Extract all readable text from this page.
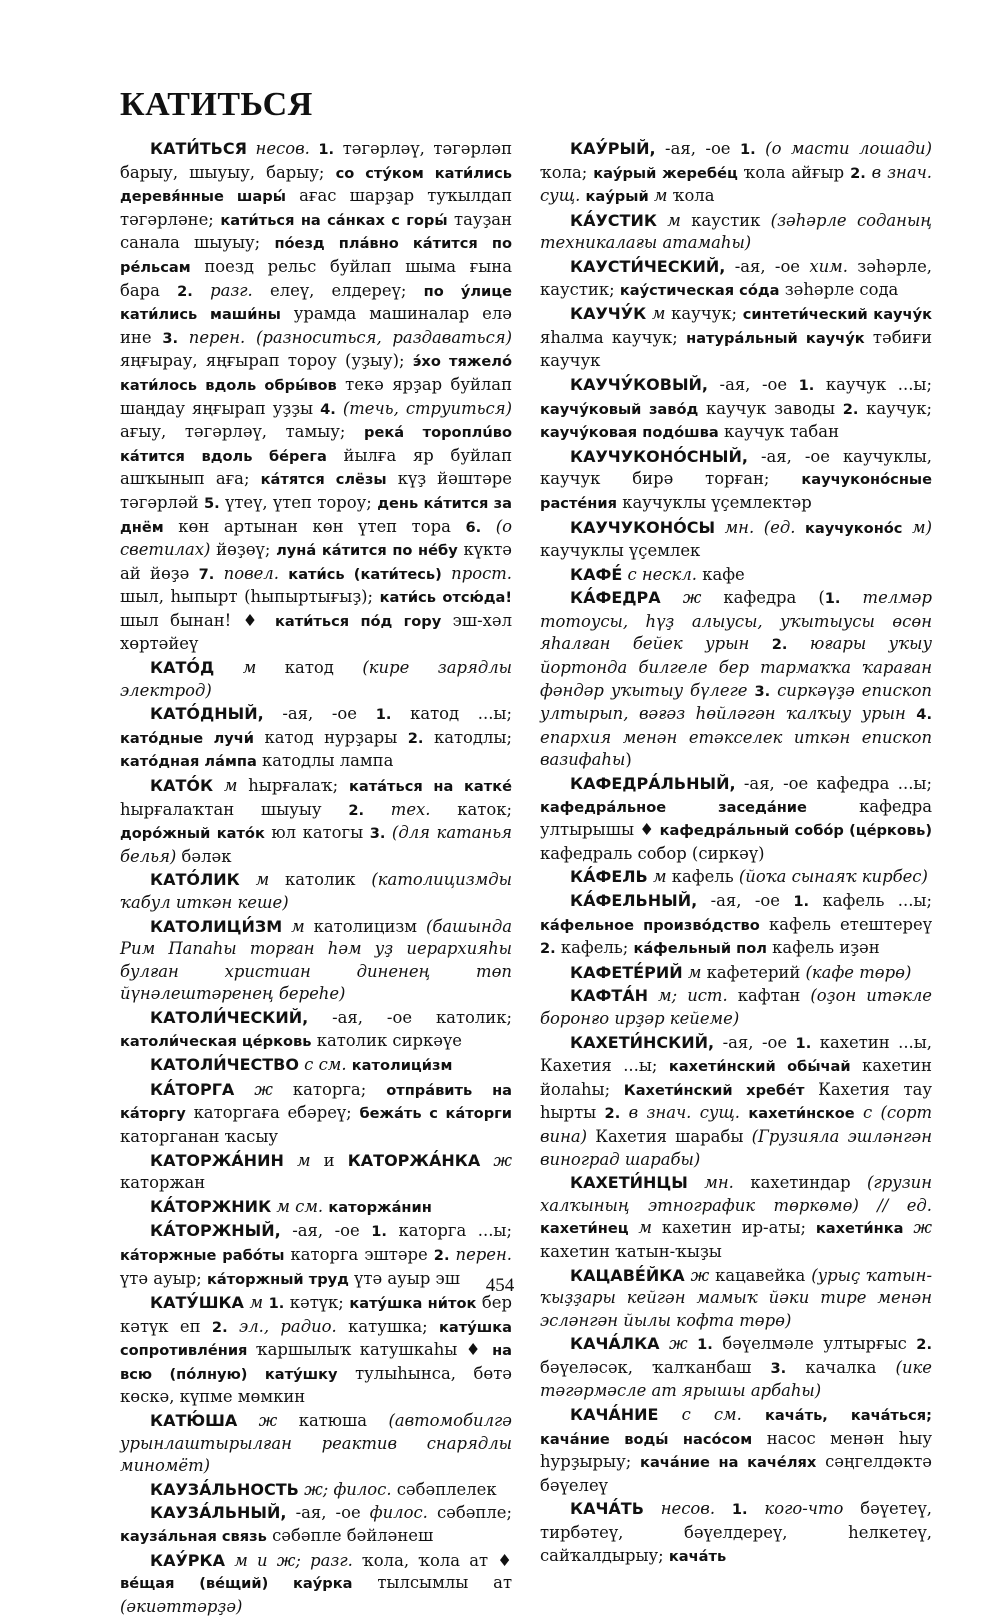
КАТИТЬСЯ

КАТИ́ТЬСЯ несов. 1. тәгәрләү, тәгәрләп барыу, шыуыу, барыу; со сту́ком кати́лись деревя́нные шары́ ағас шарҙар туҡылдап тәгәрләне; кати́ться на са́нках с горы́ тауҙан санала шыуыу; по́езд пла́вно ка́тится по ре́льсам поезд рельс буйлап шыма ғына бара 2. разг. елеү, елдереү; по у́лице кати́лись маши́ны урамда машиналар елә ине 3. перен. (разноситься, раздаваться) яңғырау, яңғырап тороу (уҙыу); э́хо тяжело́ кати́лось вдоль обры́вов текә ярҙар буйлап шаңдау яңғырап уҙҙы 4. (течь, струиться) ағыу, тәгәрләү, тамыу; река́ тороплúво ка́тится вдоль бе́рега йылға яр буйлап ашҡынып аға; ка́тятся слёзы күҙ йәштәре тәгәрләй 5. үтеү, үтеп тороу; день ка́тится за днём көн артынан көн үтеп тора 6. (о светилах) йөҙөү; луна́ ка́тится по не́бу күктә ай йөҙә 7. повел. кати́сь (кати́тесь) прост. шыл, һыпырт (һыпыртығыҙ); кати́сь отсю́да! шыл бынан! ♦ кати́ться по́д гору эш-хәл хөртәйеү

КАТО́Д м катод (кире зарядлы электрод)

КАТО́ДНЫЙ, -ая, -ое 1. катод ...ы; като́дные лучи́ катод нурҙары 2. катодлы; като́дная ла́мпа катодлы лампа

КАТО́К м һырғалаҡ; ката́ться на катке́ һырғалаҡтан шыуыу 2. тех. каток; доро́жный като́к юл катогы 3. (для катанья белья) бәләк

КАТО́ЛИК м католик (католицизмды ҡабул иткән кеше)

КАТОЛИЦИ́ЗМ м католицизм (башында Рим Папаһы торған һәм уҙ иерархияһы булған христиан диненең төп йүнәлештәренең береһе)

КАТОЛИ́ЧЕСКИЙ, -ая, -ое католик; католи́ческая це́рковь католик сиркәүе

КАТОЛИ́ЧЕСТВО с см. католици́зм

КА́ТОРГА ж каторга; отпра́вить на ка́торгу каторгаға ебәреү; бежа́ть с ка́торги каторганан ҡасыу

КАТОРЖА́НИН м и КАТОРЖА́НКА ж каторжан

КА́ТОРЖНИК м см. каторжа́нин

КА́ТОРЖНЫЙ, -ая, -ое 1. каторга ...ы; ка́торжные рабо́ты каторга эштәре 2. перен. үтә ауыр; ка́торжный труд үтә ауыр эш

КАТУ́ШКА м 1. кәтүк; кату́шка ни́ток бер кәтүк еп 2. эл., радио. катушка; кату́шка сопротивле́ния ҡаршылыҡ катушкаһы ♦ на всю (по́лную) кату́шку тулыһынса, бөтә көскә, күпме мөмкин

КАТЮ́ША ж катюша (автомобилгә урынлаштырылған реактив снарядлы миномёт)

КАУЗА́ЛЬНОСТЬ ж; филос. сәбәплелек

КАУЗА́ЛЬНЫЙ, -ая, -ое филос. сәбәпле; кауза́льная связь сәбәпле бәйләнеш

КАУ́РКА м и ж; разг. ҡола, ҡола ат ♦ ве́щая (ве́щий) кау́рка тылсымлы ат (әкиәттәрҙә)

КАУ́РЫЙ, -ая, -ое 1. (о масти лошади) ҡола; кау́рый жеребе́ц ҡола айғыр 2. в знач. сущ. кау́рый м ҡола

КА́УСТИК м каустик (зәһәрле соданың техникалағы атамаһы)

КАУСТИ́ЧЕСКИЙ, -ая, -ое хим. зәһәрле, каустик; кау́стическая со́да зәһәрле сода

КАУЧУ́К м каучук; синтети́ческий каучу́к яһалма каучук; натура́льный каучу́к тәбиғи каучук

КАУЧУ́КОВЫЙ, -ая, -ое 1. каучук ...ы; каучу́ковый заво́д каучук заводы 2. каучук; каучу́ковая подо́шва каучук табан

КАУЧУКОНО́СНЫЙ, -ая, -ое каучуклы, каучук бирә торған; каучуконо́сные расте́ния каучуклы үҫемлектәр

КАУЧУКОНО́СЫ мн. (ед. каучуконо́с м) каучуклы үҫемлек

КАФЕ́ с нескл. кафе

КА́ФЕДРА ж кафедра (1. телмәр тотоусы, һүҙ алыусы, уҡытыусы өсөн яһалған бейек урын 2. юғары уҡыу йортонда билгеле бер тармаҡҡа ҡараған фәндәр уҡытыу бүлеге 3. сиркәүҙә епископ ултырып, вәғәз һөйләгән ҡалҡыу урын 4. епархия менән етәкселек иткән епископ вазифаһы)

КАФЕДРА́ЛЬНЫЙ, -ая, -ое кафедра ...ы; кафедра́льное заседа́ние кафедра ултырышы ♦ кафедра́льный собо́р (це́рковь) кафедраль собор (сиркәү)

КА́ФЕЛЬ м кафель (йоҡа сынаяҡ кирбес)

КА́ФЕЛЬНЫЙ, -ая, -ое 1. кафель ...ы; ка́фельное произво́дство кафель етештереү 2. кафель; ка́фельный пол кафель иҙән

КАФЕТЕ́РИЙ м кафетерий (кафе төрө)

КАФТА́Н м; ист. кафтан (оҙон итәкле боронғо ирҙәр кейеме)

КАХЕТИ́НСКИЙ, -ая, -ое 1. кахетин ...ы, Кахетия ...ы; кахети́нский обы́чай кахетин йолаһы; Кахети́нский хребе́т Кахетия тау һырты 2. в знач. сущ. кахети́нское с (сорт вина) Кахетия шарабы (Грузияла эшләнгән виноград шарабы)

КАХЕТИ́НЦЫ мн. кахетиндар (грузин халҡының этнографик төркөмө) // ед. кахети́нец м кахетин ир-аты; кахети́нка ж кахетин ҡатын-ҡыҙы

КАЦАВЕ́ЙКА ж кацавейка (урыҫ ҡатын-ҡыҙҙары кейгән мамыҡ йәки тире менән эсләнгән йылы кофта төрө)

КАЧА́ЛКА ж 1. бәүелмәле ултырғыс 2. бәүеләсәк, ҡалҡанбаш 3. качалка (ике тәгәрмәсле ат ярышы арбаһы)

КАЧА́НИЕ с см. кача́ть, кача́ться; кача́ние воды́ насо́сом насос менән һыу һурҙырыу; кача́ние на каче́лях сәңгелдәктә бәүелеү

КАЧА́ТЬ несов. 1. кого-что бәүетеү, тирбәтеү, бәүелдереү, һелкетеү, сайҡалдырыу; кача́ть

454
